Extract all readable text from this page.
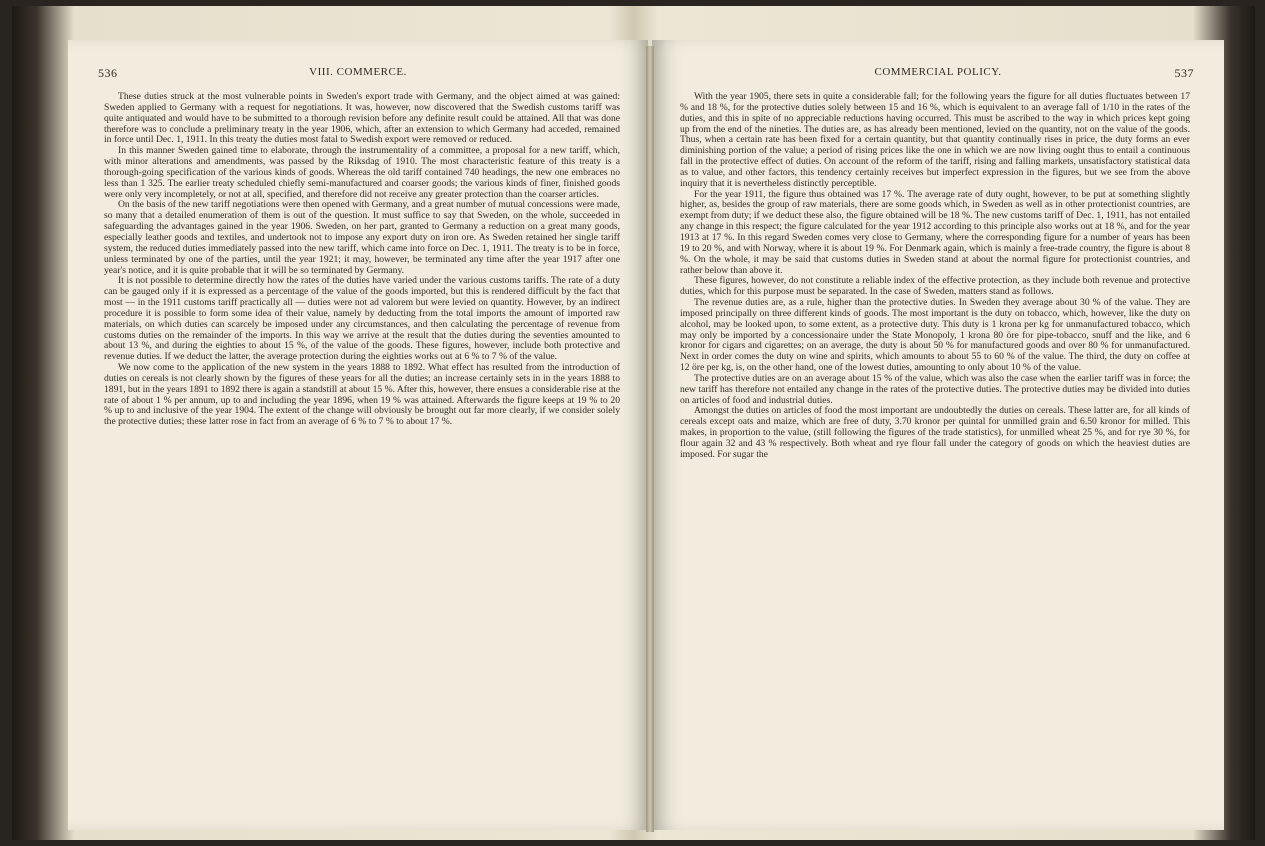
536	VIII. COMMERCE.

These duties struck at the most vulnerable points in Sweden's export trade with Germany, and the object aimed at was gained: Sweden applied to Germany with a request for negotiations. It was, however, now discovered that the Swedish customs tariff was quite antiquated and would have to be submitted to a thorough revision before any definite result could be attained. All that was done therefore was to conclude a preliminary treaty in the year 1906, which, after an extension to which Germany had acceded, remained in force until Dec. 1, 1911. In this treaty the duties most fatal to Swedish export were removed or reduced.

In this manner Sweden gained time to elaborate, through the instrumentality of a committee, a proposal for a new tariff, which, with minor alterations and amendments, was passed by the Riksdag of 1910. The most characteristic feature of this treaty is a thorough-going specification of the various kinds of goods. Whereas the old tariff contained 740 headings, the new one embraces no less than 1 325. The earlier treaty scheduled chiefly semi-manufactured and coarser goods; the various kinds of finer, finished goods were only very incompletely, or not at all, specified, and therefore did not receive any greater protection than the coarser articles.

On the basis of the new tariff negotiations were then opened with Germany, and a great number of mutual concessions were made, so many that a detailed enumeration of them is out of the question. It must suffice to say that Sweden, on the whole, succeeded in safeguarding the advantages gained in the year 1906. Sweden, on her part, granted to Germany a reduction on a great many goods, especially leather goods and textiles, and undertook not to impose any export duty on iron ore. As Sweden retained her single tariff system, the reduced duties immediately passed into the new tariff, which came into force on Dec. 1, 1911. The treaty is to be in force, unless terminated by one of the parties, until the year 1921; it may, however, be terminated any time after the year 1917 after one year's notice, and it is quite probable that it will be so terminated by Germany.

It is not possible to determine directly how the rates of the duties have varied under the various customs tariffs. The rate of a duty can be gauged only if it is expressed as a percentage of the value of the goods imported, but this is rendered difficult by the fact that most — in the 1911 customs tariff practically all — duties were not ad valorem but were levied on quantity. However, by an indirect procedure it is possible to form some idea of their value, namely by deducting from the total imports the amount of imported raw materials, on which duties can scarcely be imposed under any circumstances, and then calculating the percentage of revenue from customs duties on the remainder of the imports. In this way we arrive at the result that the duties during the seventies amounted to about 13 %, and during the eighties to about 15 %, of the value of the goods. These figures, however, include both protective and revenue duties. If we deduct the latter, the average protection during the eighties works out at 6 % to 7 % of the value.

We now come to the application of the new system in the years 1888 to 1892. What effect has resulted from the introduction of duties on cereals is not clearly shown by the figures of these years for all the duties; an increase certainly sets in in the years 1888 to 1891, but in the years 1891 to 1892 there is again a standstill at about 15 %. After this, however, there ensues a considerable rise at the rate of about 1 % per annum, up to and including the year 1896, when 19 % was attained. Afterwards the figure keeps at 19 % to 20 % up to and inclusive of the year 1904. The extent of the change will obviously be brought out far more clearly, if we consider solely the protective duties; these latter rose in fact from an average of 6 % to 7 % to about 17 %.

COMMERCIAL POLICY.	537

With the year 1905, there sets in quite a considerable fall; for the following years the figure for all duties fluctuates between 17 % and 18 %, for the protective duties solely between 15 and 16 %, which is equivalent to an average fall of 1/10 in the rates of the duties, and this in spite of no appreciable reductions having occurred. This must be ascribed to the way in which prices kept going up from the end of the nineties. The duties are, as has already been mentioned, levied on the quantity, not on the value of the goods. Thus, when a certain rate has been fixed for a certain quantity, but that quantity continually rises in price, the duty forms an ever diminishing portion of the value; a period of rising prices like the one in which we are now living ought thus to entail a continuous fall in the protective effect of duties. On account of the reform of the tariff, rising and falling markets, unsatisfactory statistical data as to value, and other factors, this tendency certainly receives but imperfect expression in the figures, but we see from the above inquiry that it is nevertheless distinctly perceptible.

For the year 1911, the figure thus obtained was 17 %. The average rate of duty ought, however, to be put at something slightly higher, as, besides the group of raw materials, there are some goods which, in Sweden as well as in other protectionist countries, are exempt from duty; if we deduct these also, the figure obtained will be 18 %. The new customs tariff of Dec. 1, 1911, has not entailed any change in this respect; the figure calculated for the year 1912 according to this principle also works out at 18 %, and for the year 1913 at 17 %. In this regard Sweden comes very close to Germany, where the corresponding figure for a number of years has been 19 to 20 %, and with Norway, where it is about 19 %. For Denmark again, which is mainly a free-trade country, the figure is about 8 %. On the whole, it may be said that customs duties in Sweden stand at about the normal figure for protectionist countries, and rather below than above it.

These figures, however, do not constitute a reliable index of the effective protection, as they include both revenue and protective duties, which for this purpose must be separated. In the case of Sweden, matters stand as follows.

The revenue duties are, as a rule, higher than the protective duties. In Sweden they average about 30 % of the value. They are imposed principally on three different kinds of goods. The most important is the duty on tobacco, which, however, like the duty on alcohol, may be looked upon, to some extent, as a protective duty. This duty is 1 krona per kg for unmanufactured tobacco, which may only be imported by a concessionaire under the State Monopoly, 1 krona 80 öre for pipe-tobacco, snuff and the like, and 6 kronor for cigars and cigarettes; on an average, the duty is about 50 % for manufactured goods and over 80 % for unmanufactured. Next in order comes the duty on wine and spirits, which amounts to about 55 to 60 % of the value. The third, the duty on coffee at 12 öre per kg, is, on the other hand, one of the lowest duties, amounting to only about 10 % of the value.

The protective duties are on an average about 15 % of the value, which was also the case when the earlier tariff was in force; the new tariff has therefore not entailed any change in the rates of the protective duties. The protective duties may be divided into duties on articles of food and industrial duties.

Amongst the duties on articles of food the most important are undoubtedly the duties on cereals. These latter are, for all kinds of cereals except oats and maize, which are free of duty, 3.70 kronor per quintal for unmilled grain and 6.50 kronor for milled. This makes, in proportion to the value, (still following the figures of the trade statistics), for unmilled wheat 25 %, and for rye 30 %, for flour again 32 and 43 % respectively. Both wheat and rye flour fall under the category of goods on which the heaviest duties are imposed. For sugar the
